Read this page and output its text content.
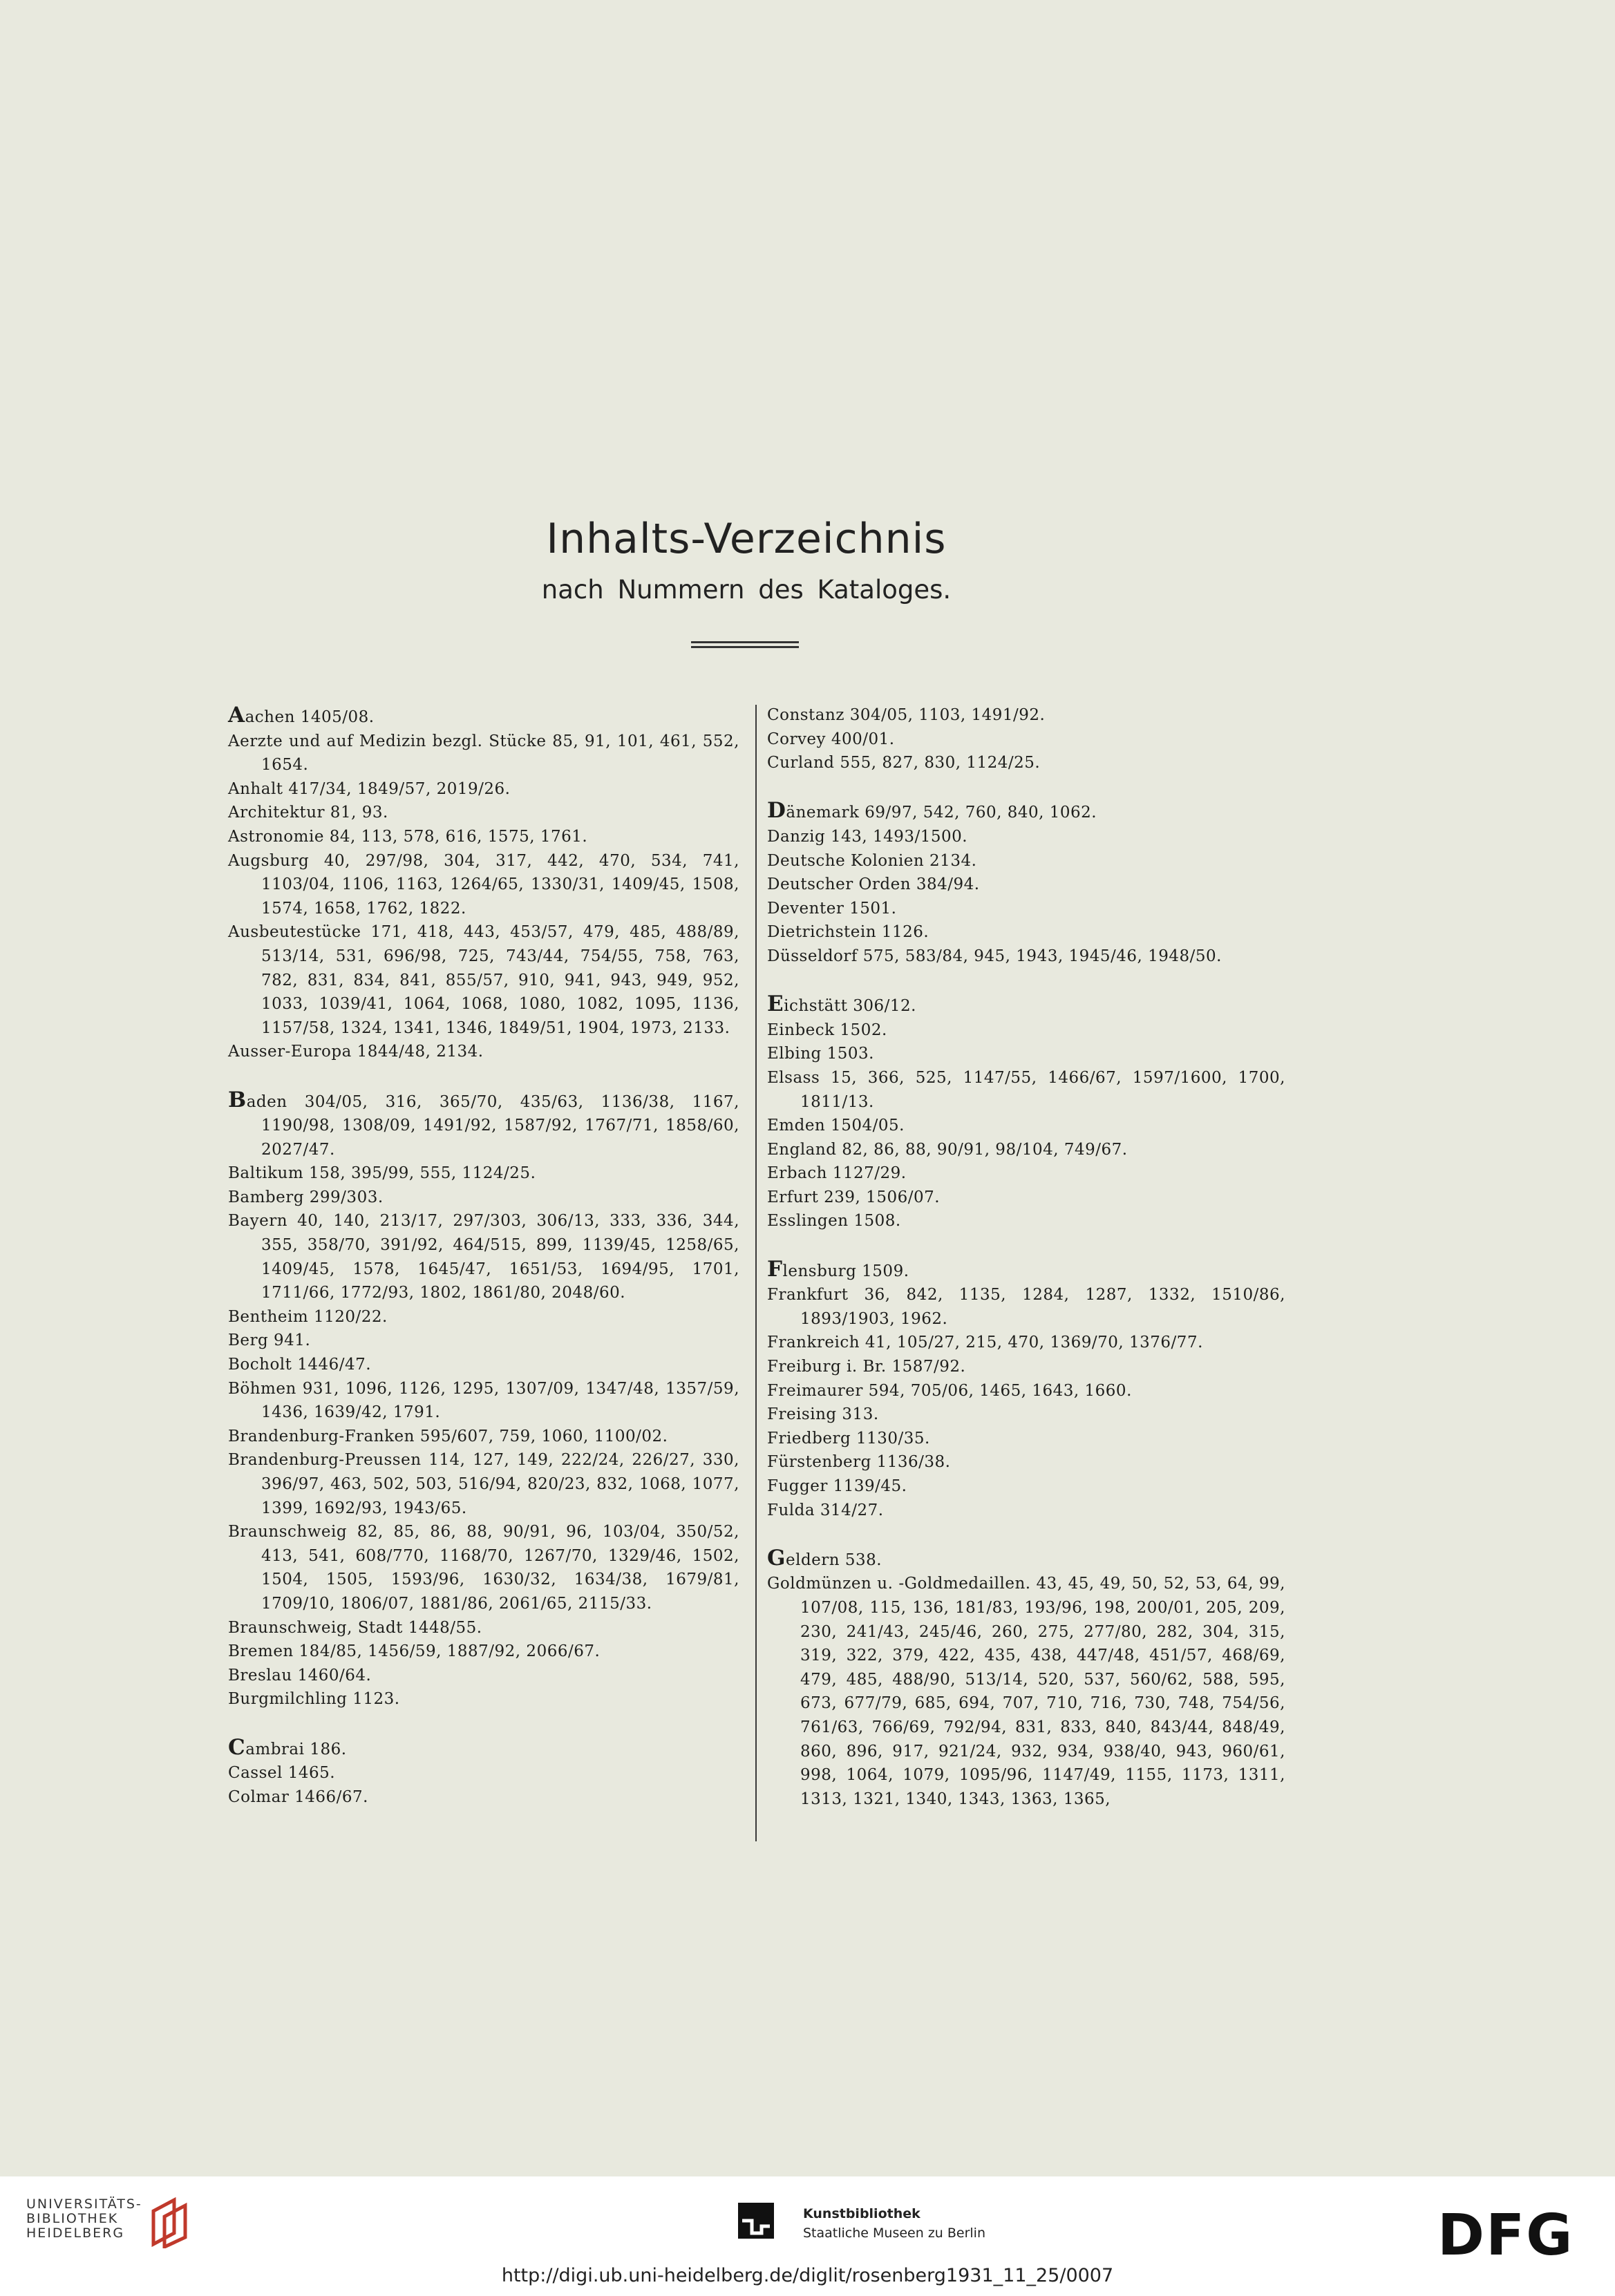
Inhalts-Verzeichnis
nach Nummern des Kataloges.
Aachen 1405/08.
Aerzte und auf Medizin bezgl. Stücke 85, 91, 101, 461, 552, 1654.
Anhalt 417/34, 1849/57, 2019/26.
Architektur 81, 93.
Astronomie 84, 113, 578, 616, 1575, 1761.
Augsburg 40, 297/98, 304, 317, 442, 470, 534, 741, 1103/04, 1106, 1163, 1264/65, 1330/31, 1409/45, 1508, 1574, 1658, 1762, 1822.
Ausbeutestücke 171, 418, 443, 453/57, 479, 485, 488/89, 513/14, 531, 696/98, 725, 743/44, 754/55, 758, 763, 782, 831, 834, 841, 855/57, 910, 941, 943, 949, 952, 1033, 1039/41, 1064, 1068, 1080, 1082, 1095, 1136, 1157/58, 1324, 1341, 1346, 1849/51, 1904, 1973, 2133.
Ausser-Europa 1844/48, 2134.
Baden 304/05, 316, 365/70, 435/63, 1136/38, 1167, 1190/98, 1308/09, 1491/92, 1587/92, 1767/71, 1858/60, 2027/47.
Baltikum 158, 395/99, 555, 1124/25.
Bamberg 299/303.
Bayern 40, 140, 213/17, 297/303, 306/13, 333, 336, 344, 355, 358/70, 391/92, 464/515, 899, 1139/45, 1258/65, 1409/45, 1578, 1645/47, 1651/53, 1694/95, 1701, 1711/66, 1772/93, 1802, 1861/80, 2048/60.
Bentheim 1120/22.
Berg 941.
Bocholt 1446/47.
Böhmen 931, 1096, 1126, 1295, 1307/09, 1347/48, 1357/59, 1436, 1639/42, 1791.
Brandenburg-Franken 595/607, 759, 1060, 1100/02.
Brandenburg-Preussen 114, 127, 149, 222/24, 226/27, 330, 396/97, 463, 502, 503, 516/94, 820/23, 832, 1068, 1077, 1399, 1692/93, 1943/65.
Braunschweig 82, 85, 86, 88, 90/91, 96, 103/04, 350/52, 413, 541, 608/770, 1168/70, 1267/70, 1329/46, 1502, 1504, 1505, 1593/96, 1630/32, 1634/38, 1679/81, 1709/10, 1806/07, 1881/86, 2061/65, 2115/33.
Braunschweig, Stadt 1448/55.
Bremen 184/85, 1456/59, 1887/92, 2066/67.
Breslau 1460/64.
Burgmilchling 1123.
Cambrai 186.
Cassel 1465.
Colmar 1466/67.
Constanz 304/05, 1103, 1491/92.
Corvey 400/01.
Curland 555, 827, 830, 1124/25.
Dänemark 69/97, 542, 760, 840, 1062.
Danzig 143, 1493/1500.
Deutsche Kolonien 2134.
Deutscher Orden 384/94.
Deventer 1501.
Dietrichstein 1126.
Düsseldorf 575, 583/84, 945, 1943, 1945/46, 1948/50.
Eichstätt 306/12.
Einbeck 1502.
Elbing 1503.
Elsass 15, 366, 525, 1147/55, 1466/67, 1597/1600, 1700, 1811/13.
Emden 1504/05.
England 82, 86, 88, 90/91, 98/104, 749/67.
Erbach 1127/29.
Erfurt 239, 1506/07.
Esslingen 1508.
Flensburg 1509.
Frankfurt 36, 842, 1135, 1284, 1287, 1332, 1510/86, 1893/1903, 1962.
Frankreich 41, 105/27, 215, 470, 1369/70, 1376/77.
Freiburg i. Br. 1587/92.
Freimaurer 594, 705/06, 1465, 1643, 1660.
Freising 313.
Friedberg 1130/35.
Fürstenberg 1136/38.
Fugger 1139/45.
Fulda 314/27.
Geldern 538.
Goldmünzen u. -Goldmedaillen. 43, 45, 49, 50, 52, 53, 64, 99, 107/08, 115, 136, 181/83, 193/96, 198, 200/01, 205, 209, 230, 241/43, 245/46, 260, 275, 277/80, 282, 304, 315, 319, 322, 379, 422, 435, 438, 447/48, 451/57, 468/69, 479, 485, 488/90, 513/14, 520, 537, 560/62, 588, 595, 673, 677/79, 685, 694, 707, 710, 716, 730, 748, 754/56, 761/63, 766/69, 792/94, 831, 833, 840, 843/44, 848/49, 860, 896, 917, 921/24, 932, 934, 938/40, 943, 960/61, 998, 1064, 1079, 1095/96, 1147/49, 1155, 1173, 1311, 1313, 1321, 1340, 1343, 1363, 1365,
UNIVERSITÄTS-
BIBLIOTHEK
HEIDELBERG
Kunstbibliothek
Staatliche Museen zu Berlin	DFG
http://digi.ub.uni-heidelberg.de/diglit/rosenberg1931_11_25/0007
